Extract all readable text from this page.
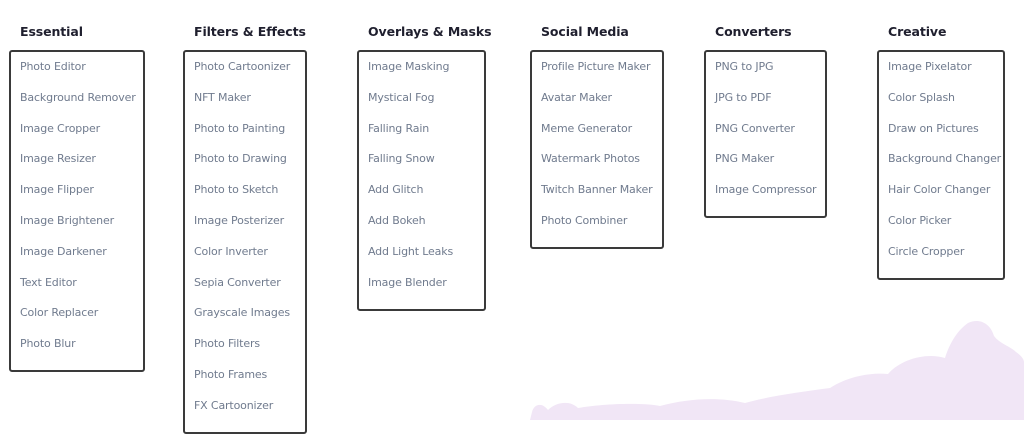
Essential
Photo Editor
Background Remover
Image Cropper
Image Resizer
Image Flipper
Image Brightener
Image Darkener
Text Editor
Color Replacer
Photo Blur
Filters & Effects
Photo Cartoonizer
NFT Maker
Photo to Painting
Photo to Drawing
Photo to Sketch
Image Posterizer
Color Inverter
Sepia Converter
Grayscale Images
Photo Filters
Photo Frames
FX Cartoonizer
Overlays & Masks
Image Masking
Mystical Fog
Falling Rain
Falling Snow
Add Glitch
Add Bokeh
Add Light Leaks
Image Blender
Social Media
Profile Picture Maker
Avatar Maker
Meme Generator
Watermark Photos
Twitch Banner Maker
Photo Combiner
Converters
PNG to JPG
JPG to PDF
PNG Converter
PNG Maker
Image Compressor
Creative
Image Pixelator
Color Splash
Draw on Pictures
Background Changer
Hair Color Changer
Color Picker
Circle Cropper
